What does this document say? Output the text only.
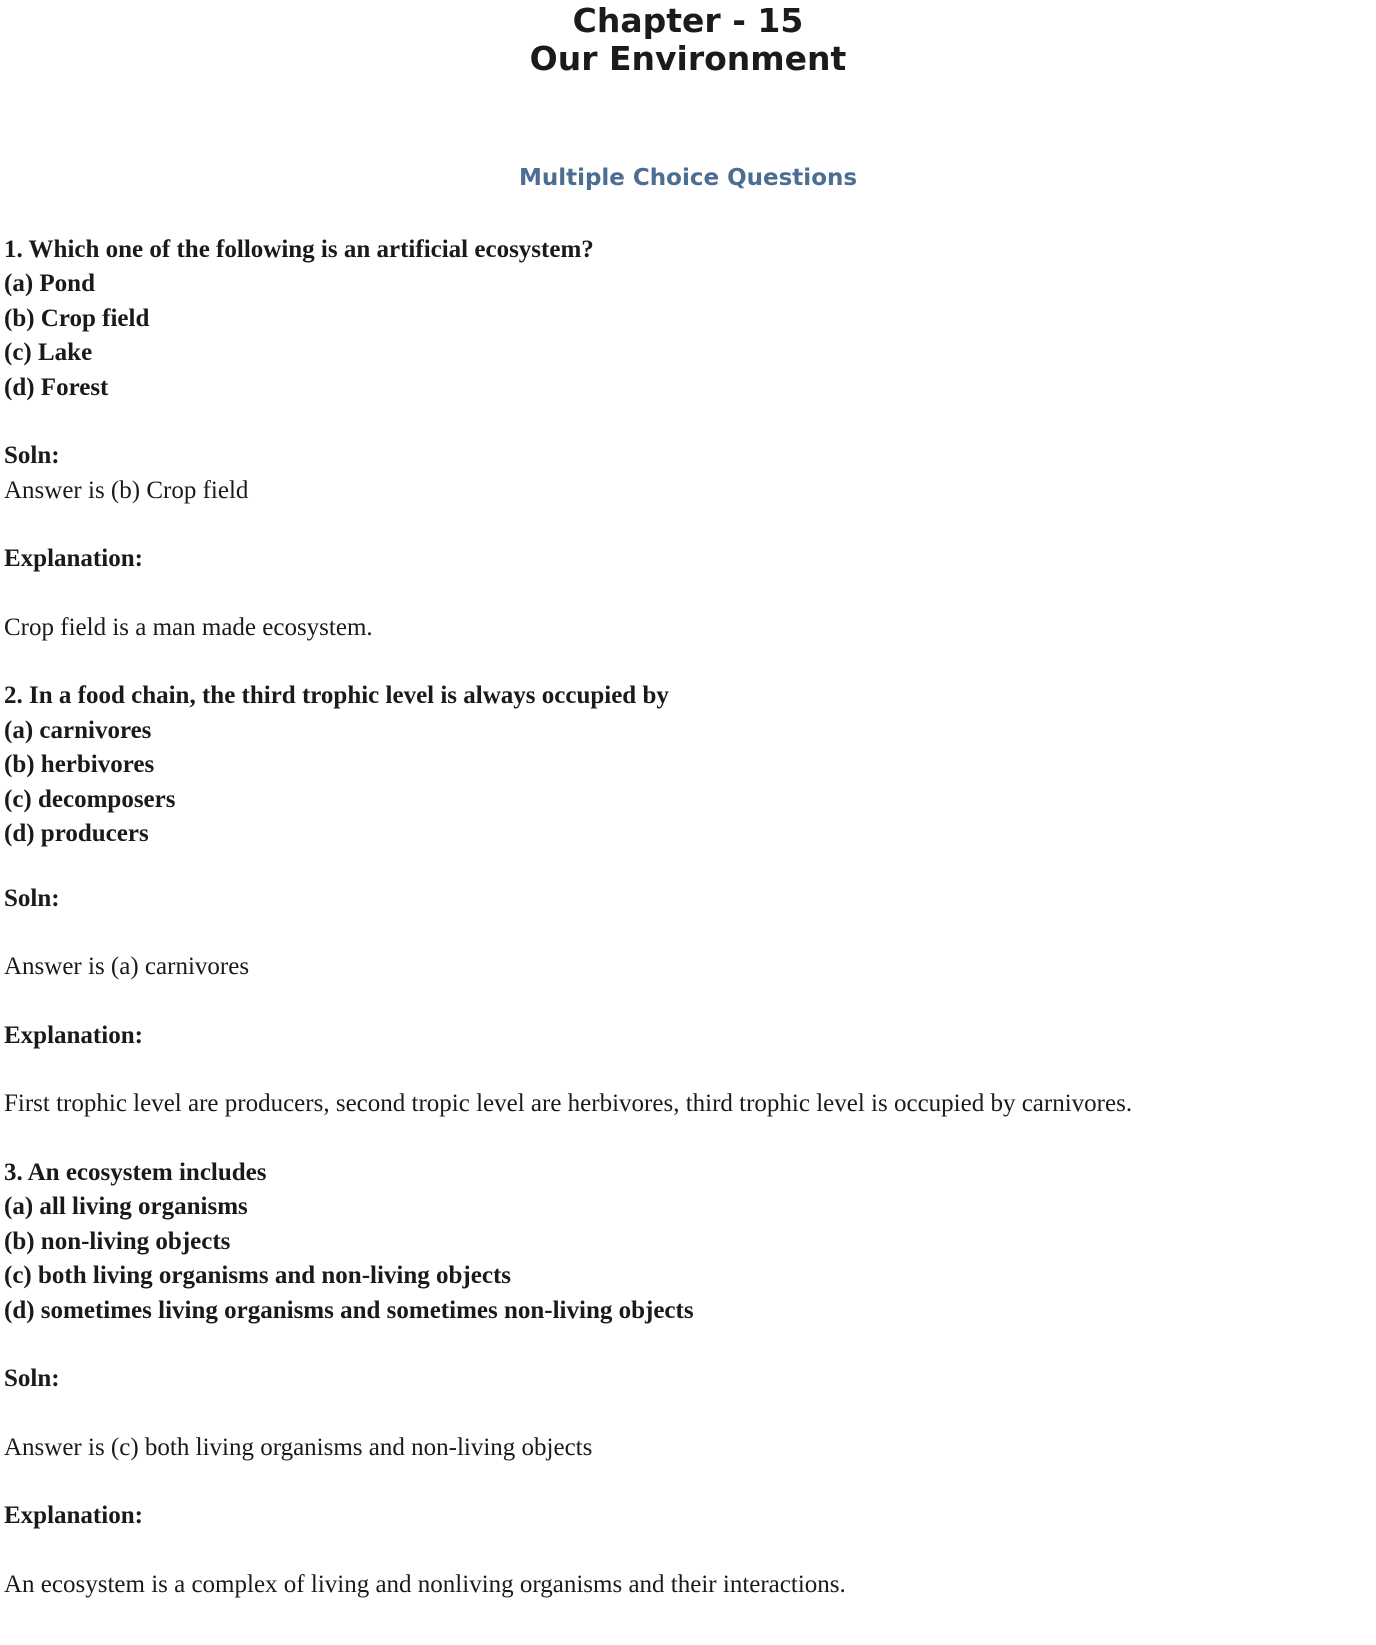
Chapter - 15
Our Environment
Multiple Choice Questions

1. Which one of the following is an artificial ecosystem?

(a) Pond

(b) Crop field

(c) Lake

(d) Forest

Soln:

Answer is (b) Crop field

Explanation:

Crop field is a man made ecosystem.

2. In a food chain, the third trophic level is always occupied by

(a) carnivores

(b) herbivores

(c) decomposers

(d) producers

Soln:

Answer is (a) carnivores

Explanation:

First trophic level are producers, second tropic level are herbivores, third trophic level is occupied by carnivores.

3. An ecosystem includes

(a) all living organisms

(b) non-living objects

(c) both living organisms and non-living objects

(d) sometimes living organisms and sometimes non-living objects

Soln:

Answer is (c) both living organisms and non-living objects

Explanation:

An ecosystem is a complex of living and nonliving organisms and their interactions.
